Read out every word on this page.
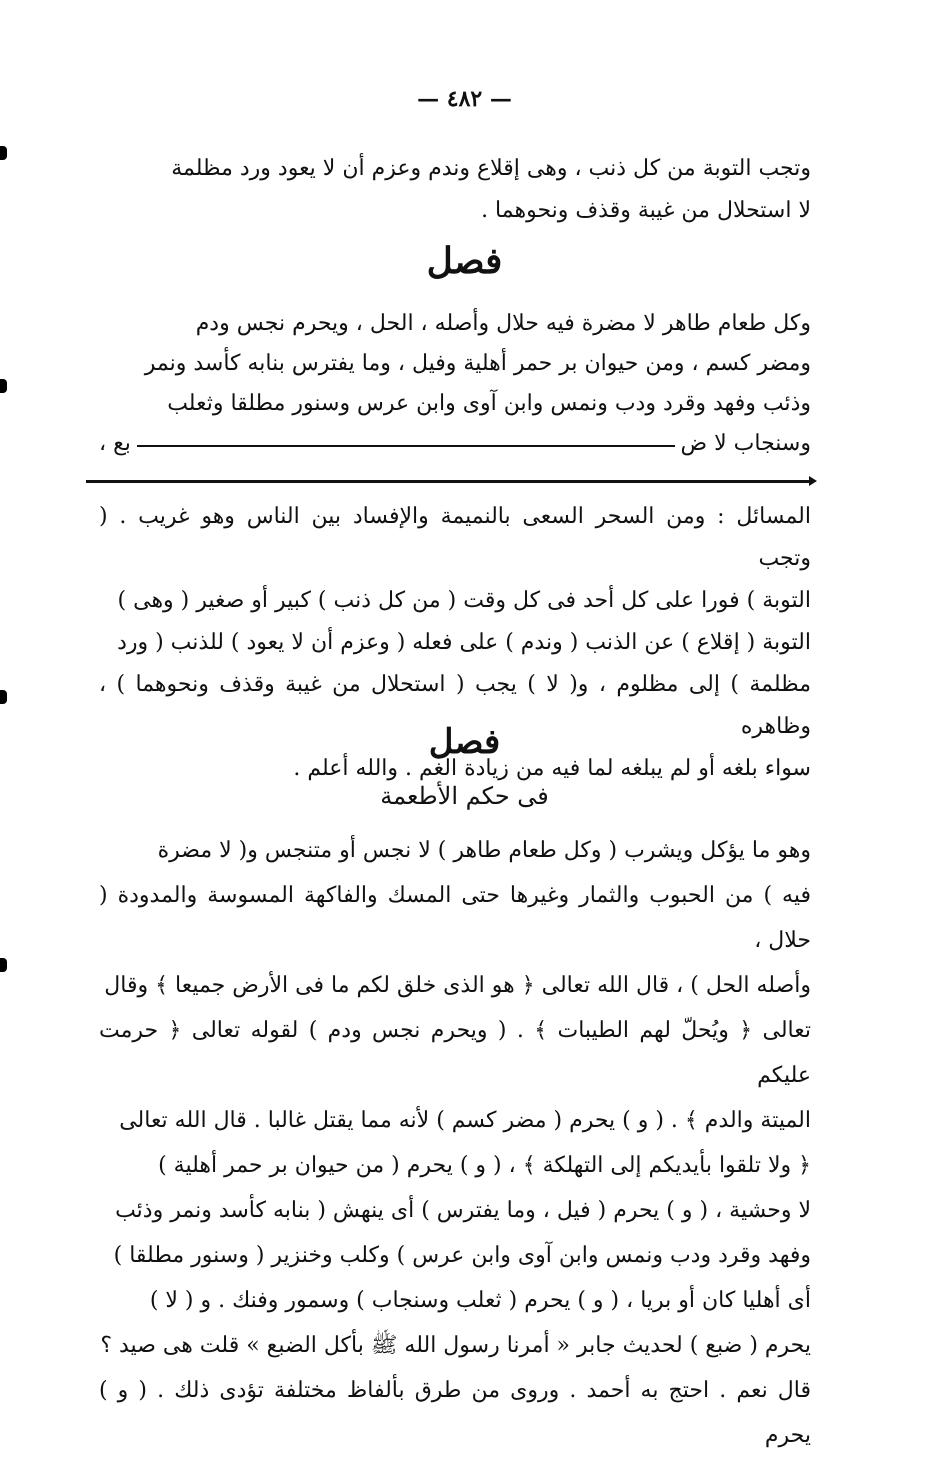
— ٤٨٢ —

وتجب التوبة من كل ذنب ، وهى إقلاع وندم وعزم أن لا يعود ورد مظلمة

لا استحلال من غيبة وقذف ونحوهما .

فصل

وكل طعام طاهر لا مضرة فيه حلال وأصله ، الحل ، ويحرم نجس ودم

ومضر كسم ، ومن حيوان بر حمر أهلية وفيل ، وما يفترس بنابه كأسد ونمر

وذئب وفهد وقرد ودب ونمس وابن آوى وابن عرس وسنور مطلقا وثعلب

وسنجاب لا ض
بع ،

المسائل : ومن السحر السعى بالنميمة والإفساد بين الناس وهو غريب . ( وتجب

التوبة ) فورا على كل أحد فى كل وقت ( من كل ذنب ) كبير أو صغير ( وهى )

التوبة ( إقلاع ) عن الذنب ( وندم ) على فعله ( وعزم أن لا يعود ) للذنب ( ورد

مظلمة ) إلى مظلوم ، و( لا ) يجب ( استحلال من غيبة وقذف ونحوهما ) ، وظاهره

سواء بلغه أو لم يبلغه لما فيه من زيادة الغم . والله أعلم .

فصل
فى حكم الأطعمة

وهو ما يؤكل ويشرب ( وكل طعام طاهر ) لا نجس أو متنجس و( لا مضرة

فيه ) من الحبوب والثمار وغيرها حتى المسك والفاكهة المسوسة والمدودة ( حلال ،

وأصله الحل ) ، قال الله تعالى ﴿ هو الذى خلق لكم ما فى الأرض جميعا ﴾ وقال

تعالى ﴿ ويُحلّ لهم الطيبات ﴾ . ( ويحرم نجس ودم ) لقوله تعالى ﴿ حرمت عليكم

الميتة والدم ﴾ . ( و ) يحرم ( مضر كسم ) لأنه مما يقتل غالبا . قال الله تعالى

﴿ ولا تلقوا بأيديكم إلى التهلكة ﴾ ، ( و ) يحرم ( من حيوان بر حمر أهلية )

لا وحشية ، ( و ) يحرم ( فيل ، وما يفترس ) أى ينهش ( بنابه كأسد ونمر وذئب

وفهد وقرد ودب ونمس وابن آوى وابن عرس ) وكلب وخنزير ( وسنور مطلقا )

أى أهليا كان أو بريا ، ( و ) يحرم ( ثعلب وسنجاب ) وسمور وفنك . و ( لا )

يحرم ( ضبع ) لحديث جابر « أمرنا رسول الله ﷺ بأكل الضبع » قلت هى صيد ؟

قال نعم . احتج به أحمد . وروى من طرق بألفاظ مختلفة تؤدى ذلك . ( و ) يحرم
